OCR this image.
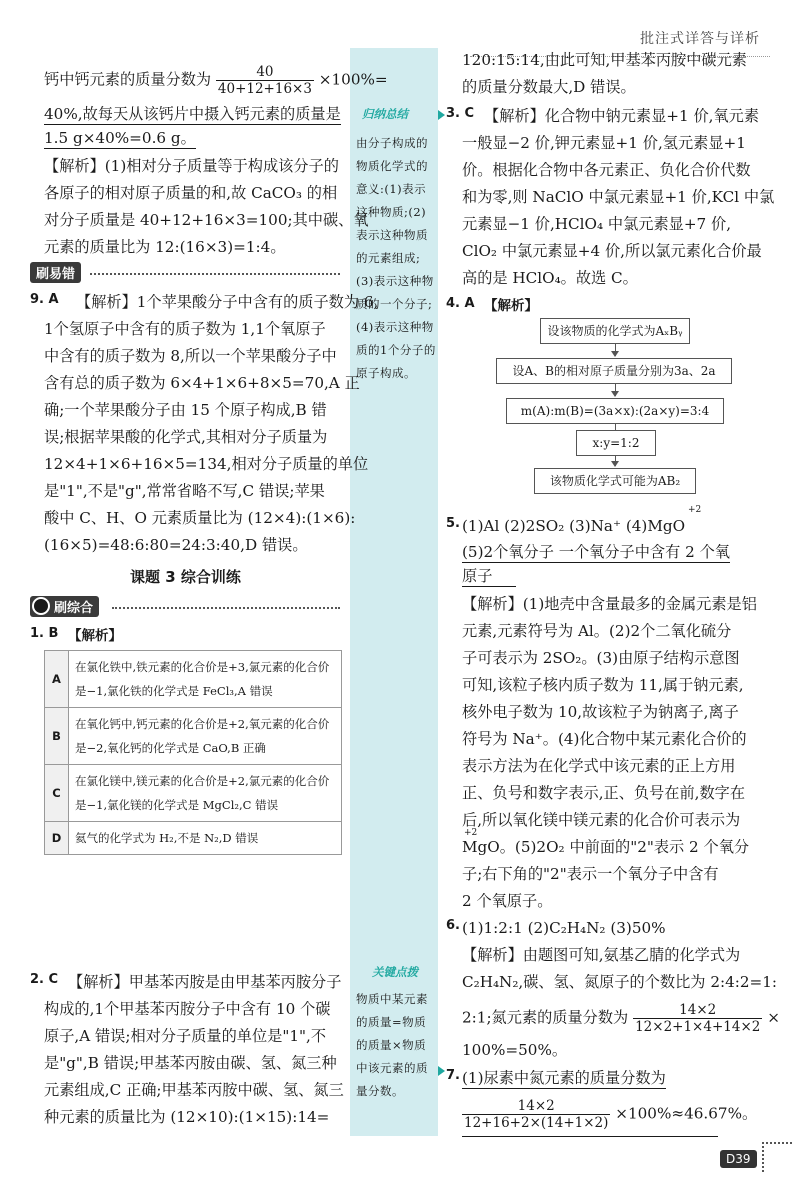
批注式详答与详析
归纳总结
由分子构成的物质化学式的意义:(1)表示这种物质;(2)表示这种物质的元素组成;(3)表示这种物质的一个分子;(4)表示这种物质的1个分子的原子构成。
关键点拨
物质中某元素的质量=物质的质量×物质中该元素的质量分数。
钙中钙元素的质量分数为 $\frac{40}{40+12+16\times 3} \times 100\%=$
40%,故每天从该钙片中摄入钙元素的质量是
1.5 g×40%=0.6 g。
【解析】(1)相对分子质量等于构成该分子的
各原子的相对原子质量的和,故 CaCO₃ 的相
对分子质量是 40+12+16×3=100;其中碳、氧
元素的质量比为 12:(16×3)=1:4。
刷易错
9. A 【解析】1个苹果酸分子中含有的质子数为 6,
1个氢原子中含有的质子数为 1,1个氧原子
中含有的质子数为 8,所以一个苹果酸分子中
含有总的质子数为 6×4+1×6+8×5=70,A 正
确;一个苹果酸分子由 15 个原子构成,B 错
误;根据苹果酸的化学式,其相对分子质量为
12×4+1×6+16×5=134,相对分子质量的单位
是"1",不是"g",常常省略不写,C 错误;苹果
酸中 C、H、O 元素质量比为 (12×4):(1×6):
(16×5)=48:6:80=24:3:40,D 错误。
课题 3 综合训练
刷综合
1. B 【解析】
A	在氯化铁中,铁元素的化合价是+3,氯元素的化合价是−1,氯化铁的化学式是 FeCl₃,A 错误
B	在氧化钙中,钙元素的化合价是+2,氧元素的化合价是−2,氧化钙的化学式是 CaO,B 正确
C	在氯化镁中,镁元素的化合价是+2,氯元素的化合价是−1,氯化镁的化学式是 MgCl₂,C 错误
D	氦气的化学式为 H₂,不是 N₂,D 错误
2. C 【解析】甲基苯丙胺是由甲基苯丙胺分子
构成的,1个甲基苯丙胺分子中含有 10 个碳
原子,A 错误;相对分子质量的单位是"1",不
是"g",B 错误;甲基苯丙胺由碳、氢、氮三种
元素组成,C 正确;甲基苯丙胺中碳、氢、氮三
种元素的质量比为 (12×10):(1×15):14=
120:15:14,由此可知,甲基苯丙胺中碳元素
的质量分数最大,D 错误。
3. C 【解析】化合物中钠元素显+1 价,氧元素
一般显−2 价,钾元素显+1 价,氢元素显+1
价。根据化合物中各元素正、负化合价代数
和为零,则 NaClO 中氯元素显+1 价,KCl 中氯
元素显−1 价,HClO₄ 中氯元素显+7 价,
ClO₂ 中氯元素显+4 价,所以氯元素化合价最
高的是 HClO₄。故选 C。
4. A 【解析】
设该物质的化学式为AₓBᵧ
设A、B的相对原子质量分别为3a、2a
m(A):m(B)=(3a×x):(2a×y)=3:4
x:y=1:2
该物质化学式可能为AB₂
5.
+2
(1)Al (2)2SO₂ (3)Na⁺ (4)MgO
(5)2个氧分子 一个氧分子中含有 2 个氧
原子
【解析】(1)地壳中含量最多的金属元素是铝
元素,元素符号为 Al。(2)2个二氧化硫分
子可表示为 2SO₂。(3)由原子结构示意图
可知,该粒子核内质子数为 11,属于钠元素,
核外电子数为 10,故该粒子为钠离子,离子
符号为 Na⁺。(4)化合物中某元素化合价的
表示方法为在化学式中该元素的正上方用
正、负号和数字表示,正、负号在前,数字在
后,所以氧化镁中镁元素的化合价可表示为
+2
MgO。(5)2O₂ 中前面的"2"表示 2 个氧分
子;右下角的"2"表示一个氧分子中含有
2 个氧原子。
6. (1)1:2:1 (2)C₂H₄N₂ (3)50%
【解析】由题图可知,氨基乙腈的化学式为
C₂H₄N₂,碳、氢、氮原子的个数比为 2:4:2=1:
2:1;氮元素的质量分数为 $\frac{14\times 2}{12\times 2+1\times 4+14\times 2}$ ×
100%=50%。
7. (1)尿素中氮元素的质量分数为
$\frac{14\times 2}{12+16+2\times(14+1\times 2)} \times 100\%\approx 46.67\%$。
D39
